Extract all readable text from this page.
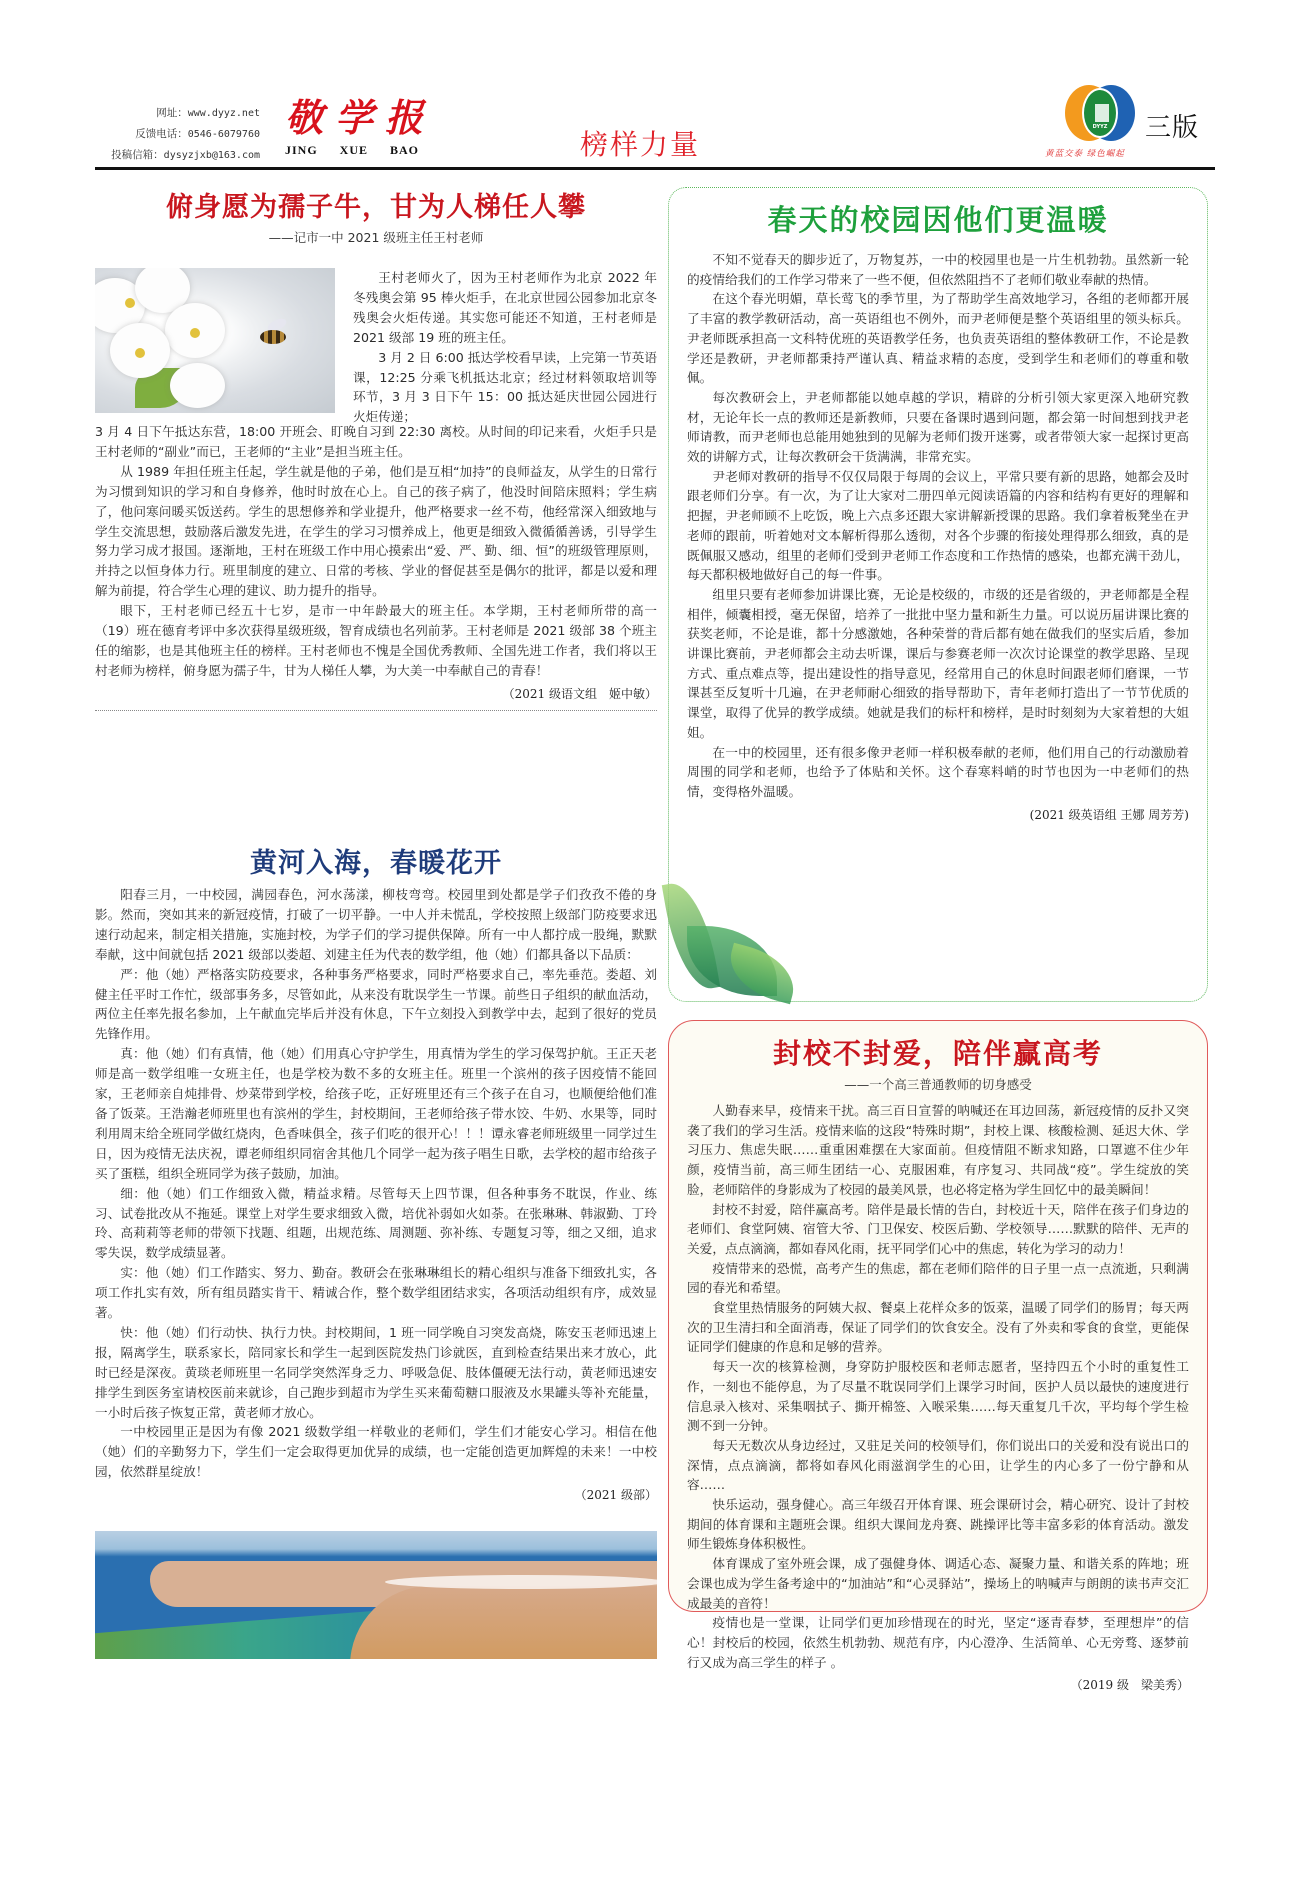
网址：www.dyyz.net
反馈电话：0546-6079760
投稿信箱：dysyzjxb@163.com
敬学报
JING XUE BAO	榜样力量
DYYZ
黄蓝交泰 绿色崛起
三版
俯身愿为孺子牛，甘为人梯任人攀
——记市一中 2021 级班主任王村老师

王村老师火了，因为王村老师作为北京 2022 年冬残奥会第 95 棒火炬手，在北京世园公园参加北京冬残奥会火炬传递。其实您可能还不知道，王村老师是 2021 级部 19 班的班主任。

3 月 2 日 6:00 抵达学校看早读，上完第一节英语课，12:25 分乘飞机抵达北京；经过材料领取培训等环节，3 月 3 日下午 15：00 抵达延庆世园公园进行火炬传递；

3 月 4 日下午抵达东营，18:00 开班会、盯晚自习到 22:30 离校。从时间的印记来看，火炬手只是王村老师的“副业”而已，王老师的“主业”是担当班主任。

从 1989 年担任班主任起，学生就是他的子弟，他们是互相“加持”的良师益友，从学生的日常行为习惯到知识的学习和自身修养，他时时放在心上。自己的孩子病了，他没时间陪床照料；学生病了，他问寒问暖买饭送药。学生的思想修养和学业提升，他严格要求一丝不苟，他经常深入细致地与学生交流思想，鼓励落后激发先进，在学生的学习习惯养成上，他更是细致入微循循善诱，引导学生努力学习成才报国。逐渐地，王村在班级工作中用心摸索出“爱、严、勤、细、恒”的班级管理原则，并持之以恒身体力行。班里制度的建立、日常的考核、学业的督促甚至是偶尔的批评，都是以爱和理解为前提，符合学生心理的建议、助力提升的指导。

眼下，王村老师已经五十七岁，是市一中年龄最大的班主任。本学期，王村老师所带的高一（19）班在德育考评中多次获得星级班级，智育成绩也名列前茅。王村老师是 2021 级部 38 个班主任的缩影，也是其他班主任的榜样。王村老师也不愧是全国优秀教师、全国先进工作者，我们将以王村老师为榜样，俯身愿为孺子牛，甘为人梯任人攀，为大美一中奉献自己的青春！

（2021 级语文组　姬中敏）
黄河入海，春暖花开

阳春三月，一中校园，满园春色，河水荡漾，柳枝弯弯。校园里到处都是学子们孜孜不倦的身影。然而，突如其来的新冠疫情，打破了一切平静。一中人并未慌乱，学校按照上级部门防疫要求迅速行动起来，制定相关措施，实施封校，为学子们的学习提供保障。所有一中人都拧成一股绳，默默奉献，这中间就包括 2021 级部以娄超、刘建主任为代表的数学组，他（她）们都具备以下品质：

严：他（她）严格落实防疫要求，各种事务严格要求，同时严格要求自己，率先垂范。娄超、刘健主任平时工作忙，级部事务多，尽管如此，从来没有耽误学生一节课。前些日子组织的献血活动，两位主任率先报名参加，上午献血完毕后并没有休息，下午立刻投入到教学中去，起到了很好的党员先锋作用。

真：他（她）们有真情，他（她）们用真心守护学生，用真情为学生的学习保驾护航。王正天老师是高一数学组唯一女班主任，也是学校为数不多的女班主任。班里一个滨州的孩子因疫情不能回家，王老师亲自炖排骨、炒菜带到学校，给孩子吃，正好班里还有三个孩子在自习，也顺便给他们准备了饭菜。王浩瀚老师班里也有滨州的学生，封校期间，王老师给孩子带水饺、牛奶、水果等，同时利用周末给全班同学做红烧肉，色香味俱全，孩子们吃的很开心！！！谭永睿老师班级里一同学过生日，因为疫情无法庆祝，谭老师组织同宿舍其他几个同学一起为孩子唱生日歌，去学校的超市给孩子买了蛋糕，组织全班同学为孩子鼓励，加油。

细：他（她）们工作细致入微，精益求精。尽管每天上四节课，但各种事务不耽误，作业、练习、试卷批改从不拖延。课堂上对学生要求细致入微，培优补弱如火如荼。在张琳琳、韩淑勤、丁玲玲、高莉莉等老师的带领下找题、组题，出规范练、周测题、弥补练、专题复习等，细之又细，追求零失误，数学成绩显著。

实：他（她）们工作踏实、努力、勤奋。教研会在张琳琳组长的精心组织与准备下细致扎实，各项工作扎实有效，所有组员踏实肯干、精诚合作，整个数学组团结求实，各项活动组织有序，成效显著。

快：他（她）们行动快、执行力快。封校期间，1 班一同学晚自习突发高烧，陈安玉老师迅速上报，隔离学生，联系家长，陪同家长和学生一起到医院发热门诊就医，直到检查结果出来才放心，此时已经是深夜。黄琰老师班里一名同学突然浑身乏力、呼吸急促、肢体僵硬无法行动，黄老师迅速安排学生到医务室请校医前来就诊，自己跑步到超市为学生买来葡萄糖口服液及水果罐头等补充能量，一小时后孩子恢复正常，黄老师才放心。

一中校园里正是因为有像 2021 级数学组一样敬业的老师们，学生们才能安心学习。相信在他（她）们的辛勤努力下，学生们一定会取得更加优异的成绩，也一定能创造更加辉煌的未来！一中校园，依然群星绽放！

（2021 级部）
春天的校园因他们更温暖

不知不觉春天的脚步近了，万物复苏，一中的校园里也是一片生机勃勃。虽然新一轮的疫情给我们的工作学习带来了一些不便，但依然阻挡不了老师们敬业奉献的热情。

在这个春光明媚，草长莺飞的季节里，为了帮助学生高效地学习，各组的老师都开展了丰富的教学教研活动，高一英语组也不例外，而尹老师便是整个英语组里的领头标兵。尹老师既承担高一文科特优班的英语教学任务，也负责英语组的整体教研工作，不论是教学还是教研，尹老师都秉持严谨认真、精益求精的态度，受到学生和老师们的尊重和敬佩。

每次教研会上，尹老师都能以她卓越的学识，精辟的分析引领大家更深入地研究教材，无论年长一点的教师还是新教师，只要在备课时遇到问题，都会第一时间想到找尹老师请教，而尹老师也总能用她独到的见解为老师们拨开迷雾，或者带领大家一起探讨更高效的讲解方式，让每次教研会干货满满，非常充实。

尹老师对教研的指导不仅仅局限于每周的会议上，平常只要有新的思路，她都会及时跟老师们分享。有一次，为了让大家对二册四单元阅读语篇的内容和结构有更好的理解和把握，尹老师顾不上吃饭，晚上六点多还跟大家讲解新授课的思路。我们拿着板凳坐在尹老师的跟前，听着她对文本解析得那么透彻，对各个步骤的衔接处理得那么细致，真的是既佩服又感动，组里的老师们受到尹老师工作态度和工作热情的感染，也都充满干劲儿，每天都积极地做好自己的每一件事。

组里只要有老师参加讲课比赛，无论是校级的，市级的还是省级的，尹老师都是全程相伴，倾囊相授，毫无保留，培养了一批批中坚力量和新生力量。可以说历届讲课比赛的获奖老师，不论是谁，都十分感激她，各种荣誉的背后都有她在做我们的坚实后盾，参加讲课比赛前，尹老师都会主动去听课，课后与参赛老师一次次讨论课堂的教学思路、呈现方式、重点难点等，提出建设性的指导意见，经常用自己的休息时间跟老师们磨课，一节课甚至反复听十几遍，在尹老师耐心细致的指导帮助下，青年老师打造出了一节节优质的课堂，取得了优异的教学成绩。她就是我们的标杆和榜样，是时时刻刻为大家着想的大姐姐。

在一中的校园里，还有很多像尹老师一样积极奉献的老师，他们用自己的行动激励着周围的同学和老师，也给予了体贴和关怀。这个春寒料峭的时节也因为一中老师们的热情，变得格外温暖。

(2021 级英语组 王娜 周芳芳)
封校不封爱，陪伴赢高考
——一个高三普通教师的切身感受

人勤春来早，疫情来干扰。高三百日宣誓的呐喊还在耳边回荡，新冠疫情的反扑又突袭了我们的学习生活。疫情来临的这段“特殊时期”，封校上课、核酸检测、延迟大休、学习压力、焦虑失眠……重重困难摆在大家面前。但疫情阻不断求知路，口罩遮不住少年颜，疫情当前，高三师生团结一心、克服困难，有序复习、共同战“疫”。学生绽放的笑脸，老师陪伴的身影成为了校园的最美风景，也必将定格为学生回忆中的最美瞬间！

封校不封爱，陪伴赢高考。陪伴是最长情的告白，封校近十天，陪伴在孩子们身边的老师们、食堂阿姨、宿管大爷、门卫保安、校医后勤、学校领导……默默的陪伴、无声的关爱，点点滴滴，都如春风化雨，抚平同学们心中的焦虑，转化为学习的动力！

疫情带来的恐慌，高考产生的焦虑，都在老师们陪伴的日子里一点一点流逝，只剩满园的春光和希望。

食堂里热情服务的阿姨大叔、餐桌上花样众多的饭菜，温暖了同学们的肠胃；每天两次的卫生清扫和全面消毒，保证了同学们的饮食安全。没有了外卖和零食的食堂，更能保证同学们健康的作息和足够的营养。

每天一次的核算检测，身穿防护服校医和老师志愿者，坚持四五个小时的重复性工作，一刻也不能停息，为了尽量不耽误同学们上课学习时间，医护人员以最快的速度进行信息录入核对、采集咽拭子、撕开棉签、入喉采集……每天重复几千次，平均每个学生检测不到一分钟。

每天无数次从身边经过，又驻足关问的校领导们，你们说出口的关爱和没有说出口的深情，点点滴滴，都将如春风化雨滋润学生的心田，让学生的内心多了一份宁静和从容……

快乐运动，强身健心。高三年级召开体育课、班会课研讨会，精心研究、设计了封校期间的体育课和主题班会课。组织大课间龙舟赛、跳操评比等丰富多彩的体育活动。激发师生锻炼身体积极性。

体育课成了室外班会课，成了强健身体、调适心态、凝聚力量、和谐关系的阵地；班会课也成为学生备考途中的“加油站”和“心灵驿站”，操场上的呐喊声与朗朗的读书声交汇成最美的音符！

疫情也是一堂课，让同学们更加珍惜现在的时光，坚定“逐青春梦，至理想岸”的信心！封校后的校园，依然生机勃勃、规范有序，内心澄净、生活简单、心无旁骛、逐梦前行又成为高三学生的样子 。

（2019 级　梁美秀）
